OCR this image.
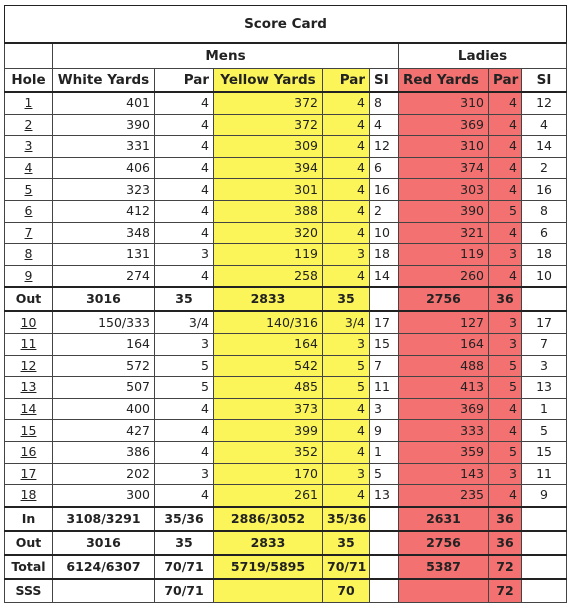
Score Card								
	Mens					Ladies		
Hole	White Yards	Par	Yellow Yards	Par	SI	Red Yards	Par	SI
1	401	4	372	4	8	310	4	12
2	390	4	372	4	4	369	4	4
3	331	4	309	4	12	310	4	14
4	406	4	394	4	6	374	4	2
5	323	4	301	4	16	303	4	16
6	412	4	388	4	2	390	5	8
7	348	4	320	4	10	321	4	6
8	131	3	119	3	18	119	3	18
9	274	4	258	4	14	260	4	10
Out	3016	35	2833	35		2756	36	
10	150/333	3/4	140/316	3/4	17	127	3	17
11	164	3	164	3	15	164	3	7
12	572	5	542	5	7	488	5	3
13	507	5	485	5	11	413	5	13
14	400	4	373	4	3	369	4	1
15	427	4	399	4	9	333	4	5
16	386	4	352	4	1	359	5	15
17	202	3	170	3	5	143	3	11
18	300	4	261	4	13	235	4	9
In	3108/3291	35/36	2886/3052	35/36		2631	36	
Out	3016	35	2833	35		2756	36	
Total	6124/6307	70/71	5719/5895	70/71		5387	72	
SSS		70/71		70			72	
